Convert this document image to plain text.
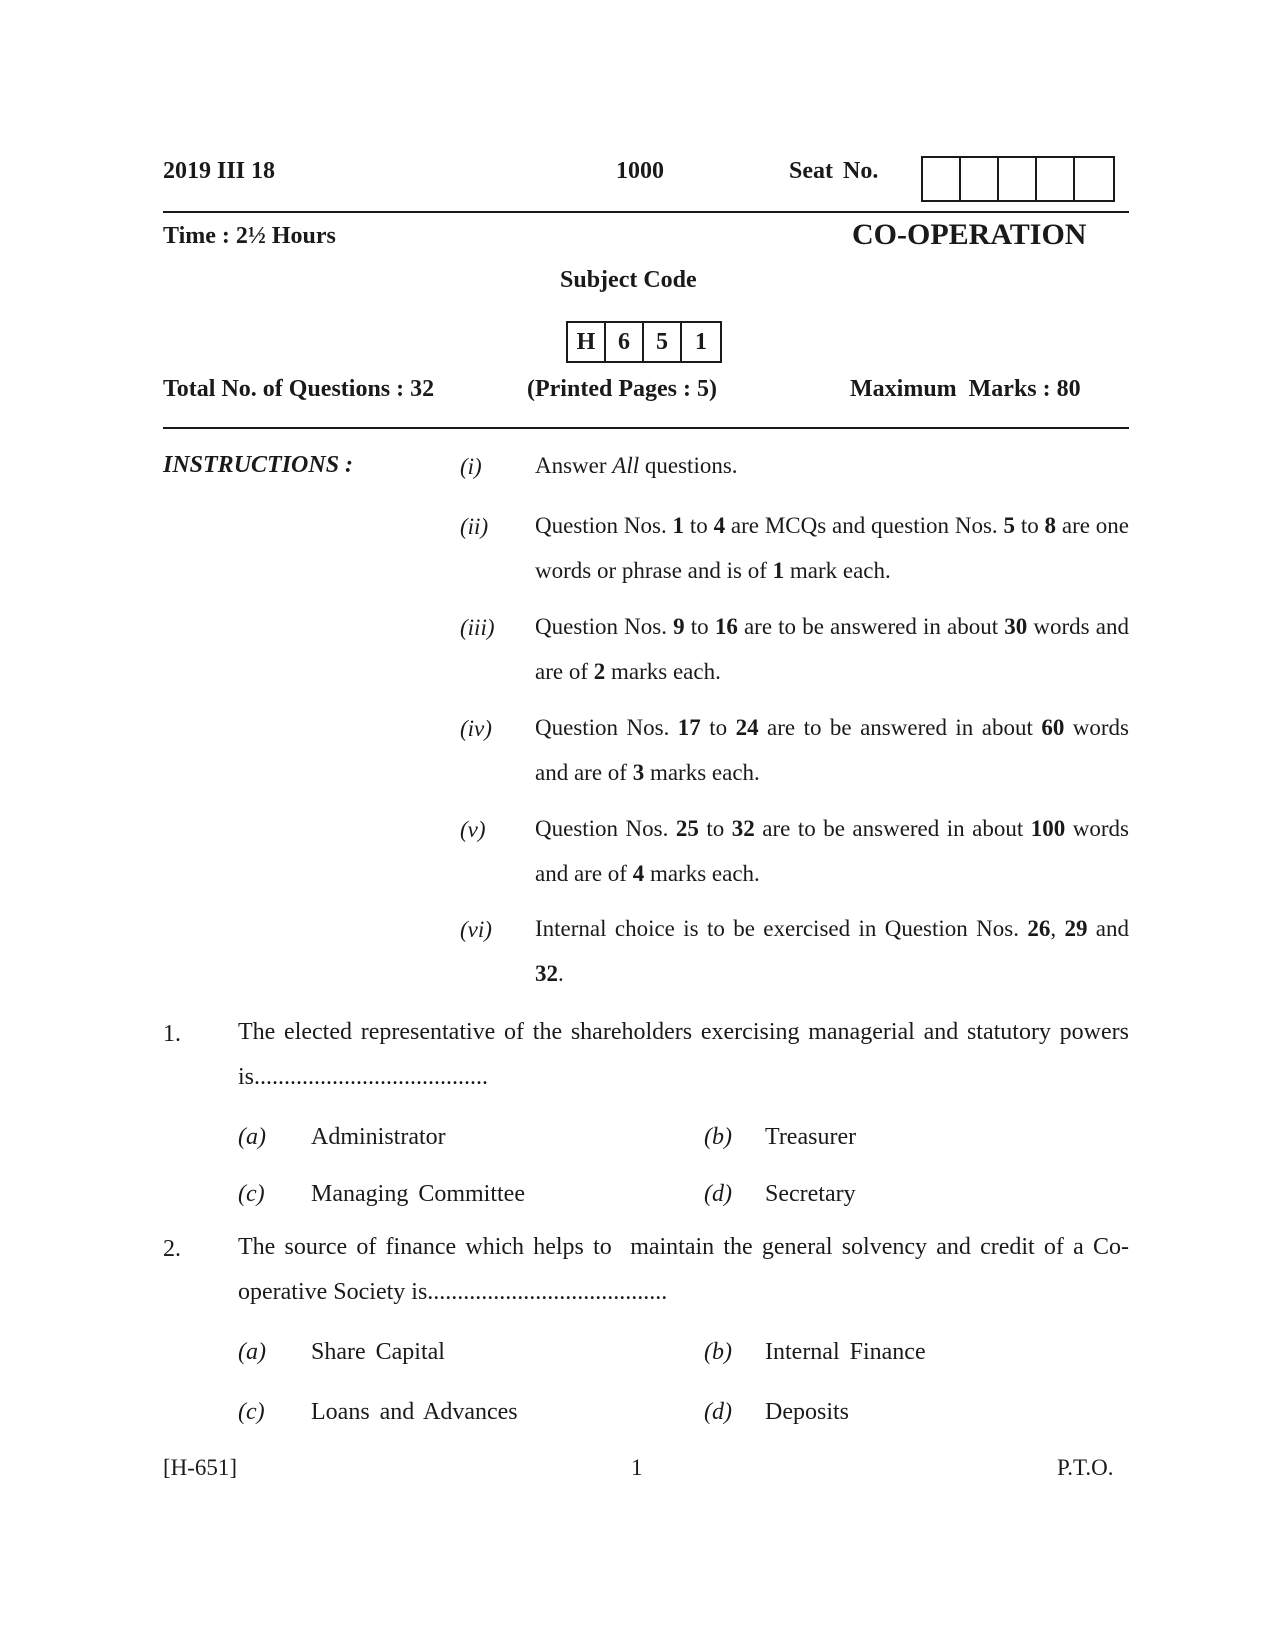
2019 III 18	1000	Seat No.
Time : 2½ Hours	CO-OPERATION
Subject Code
H 6	5	1
Total No. of Questions : 32	(Printed Pages : 5)	Maximum  Marks : 80
INSTRUCTIONS :	(i) Answer All questions.
(ii) Question Nos. 1 to 4 are MCQs and question Nos. 5 to 8 are one words or phrase and is of 1 mark each.
(iii) Question Nos. 9 to 16 are to be answered in about 30 words and are of 2 marks each.
(iv) Question Nos. 17 to 24 are to be answered in about 60 words and are of 3 marks each.
(v) Question Nos. 25 to 32 are to be answered in about 100 words and are of 4 marks each.
(vi) Internal choice is to be exercised in Question Nos. 26, 29 and 32.
1. The elected representative of the shareholders exercising managerial and statutory powers is.......................................
(a) Administrator	(b) Treasurer
(c) Managing Committee	(d) Secretary
2. The source of finance which helps to  maintain the general solvency and credit of a Co-operative Society is........................................
(a) Share Capital	(b) Internal Finance
(c) Loans and Advances	(d) Deposits
[H-651]	1	P.T.O.
